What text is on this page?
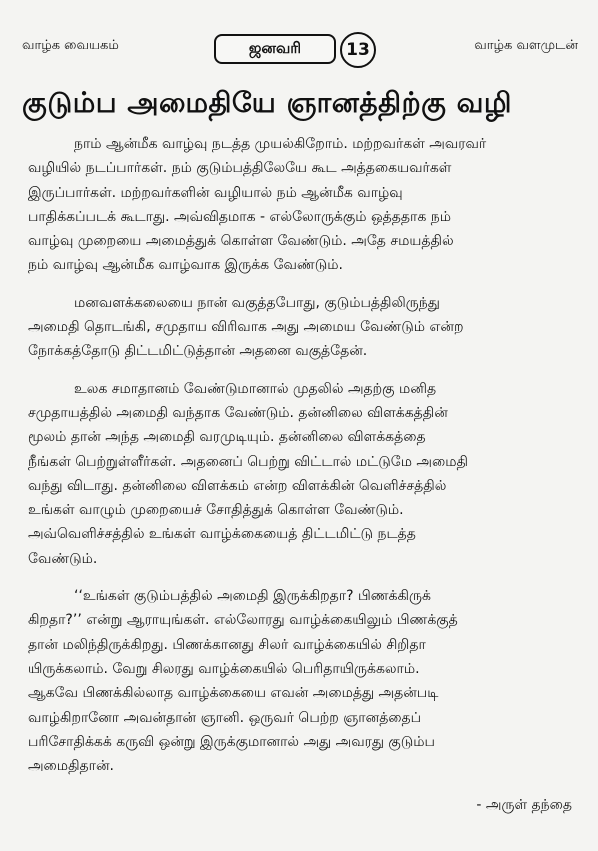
வாழ்க வையகம்	ஜனவரி	13	வாழ்க வளமுடன்
குடும்ப அமைதியே ஞானத்திற்கு வழி

நாம் ஆன்மீக வாழ்வு நடத்த முயல்கிறோம். மற்றவர்கள் அவரவர்
வழியில் நடப்பார்கள். நம் குடும்பத்திலேயே கூட அத்தகையவர்கள்
இருப்பார்கள். மற்றவர்களின் வழியால் நம் ஆன்மீக வாழ்வு
பாதிக்கப்படக் கூடாது. அவ்விதமாக - எல்லோருக்கும் ஒத்ததாக நம்
வாழ்வு முறையை அமைத்துக் கொள்ள வேண்டும். அதே சமயத்தில்
நம் வாழ்வு ஆன்மீக வாழ்வாக இருக்க வேண்டும்.

மனவளக்கலையை நான் வகுத்தபோது, குடும்பத்திலிருந்து
அமைதி தொடங்கி, சமுதாய விரிவாக அது அமைய வேண்டும் என்ற
நோக்கத்தோடு திட்டமிட்டுத்தான் அதனை வகுத்தேன்.

உலக சமாதானம் வேண்டுமானால் முதலில் அதற்கு மனித
சமுதாயத்தில் அமைதி வந்தாக வேண்டும். தன்னிலை விளக்கத்தின்
மூலம் தான் அந்த அமைதி வரமுடியும். தன்னிலை விளக்கத்தை
நீங்கள் பெற்றுள்ளீர்கள். அதனைப் பெற்று விட்டால் மட்டுமே அமைதி
வந்து விடாது. தன்னிலை விளக்கம் என்ற விளக்கின் வெளிச்சத்தில்
உங்கள் வாழும் முறையைச் சோதித்துக் கொள்ள வேண்டும்.
அவ்வெளிச்சத்தில் உங்கள் வாழ்க்கையைத் திட்டமிட்டு நடத்த
வேண்டும்.

‘‘உங்கள் குடும்பத்தில் அமைதி இருக்கிறதா? பிணக்கிருக்
கிறதா?’’ என்று ஆராயுங்கள். எல்லோரது வாழ்க்கையிலும் பிணக்குத்
தான் மலிந்திருக்கிறது. பிணக்கானது சிலர் வாழ்க்கையில் சிறிதா
யிருக்கலாம். வேறு சிலரது வாழ்க்கையில் பெரிதாயிருக்கலாம்.
ஆகவே பிணக்கில்லாத வாழ்க்கையை எவன் அமைத்து அதன்படி
வாழ்கிறானோ அவன்தான் ஞானி. ஒருவர் பெற்ற ஞானத்தைப்
பரிசோதிக்கக் கருவி ஒன்று இருக்குமானால் அது அவரது குடும்ப
அமைதிதான்.

- அருள் தந்தை
